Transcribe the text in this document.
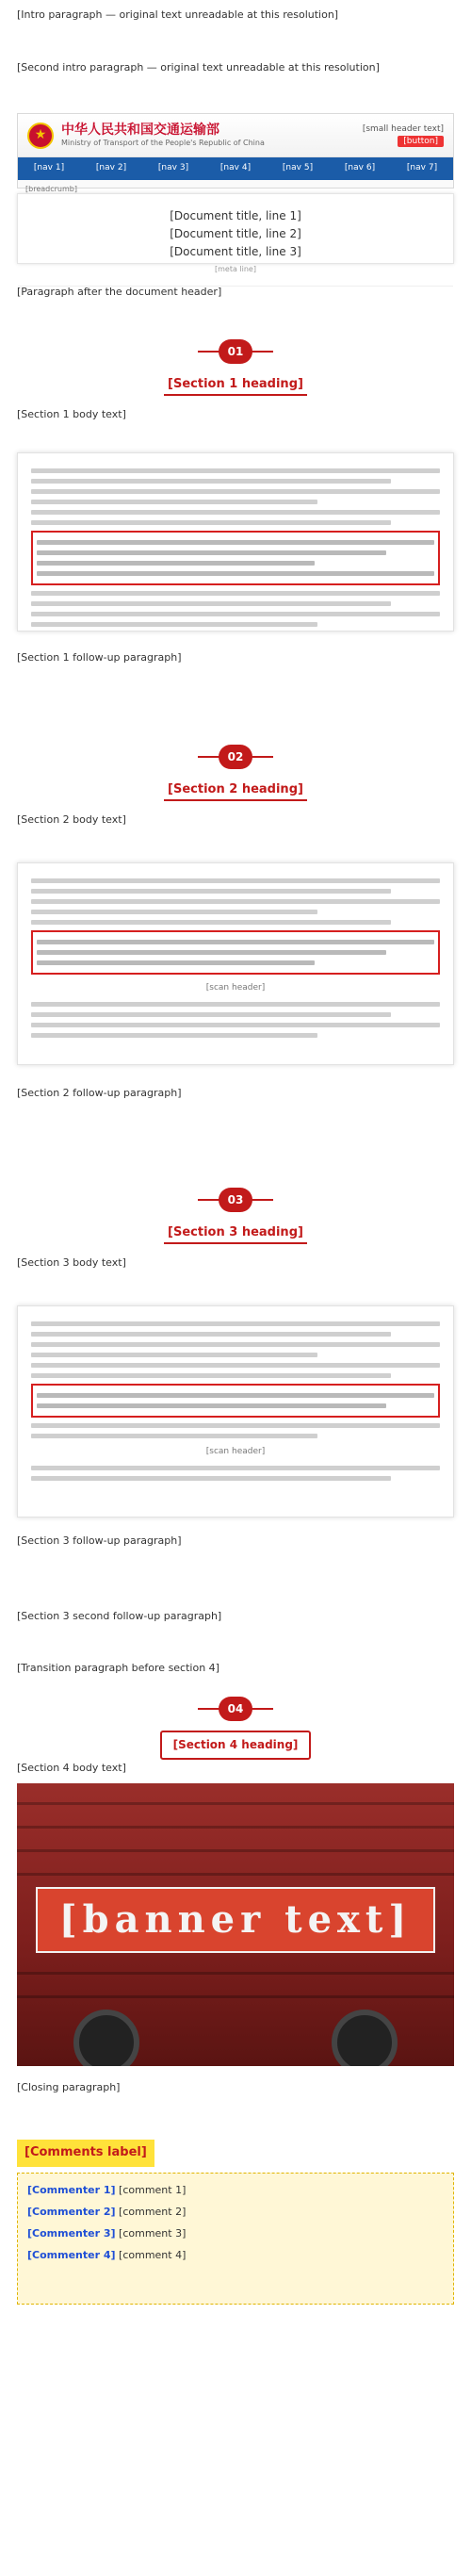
[Intro paragraph — original text unreadable at this resolution]
[Second intro paragraph — original text unreadable at this resolution]
★	中华人民共和国交通运输部
Ministry of Transport of the People's Republic of China
[small header text]
[button]
[nav 1]	[nav 2]	[nav 3]	[nav 4]	[nav 5]	[nav 6]	[nav 7]
[breadcrumb]
[Document title, line 1]
[Document title, line 2]
[Document title, line 3]
[meta line]
[Paragraph after the document header]
01
[Section 1 heading]
[Section 1 body text]
[Section 1 follow-up paragraph]
02
[Section 2 heading]
[Section 2 body text]
[scan header]
[Section 2 follow-up paragraph]
03
[Section 3 heading]
[Section 3 body text]
[scan header]
[Section 3 follow-up paragraph]
[Section 3 second follow-up paragraph]
[Transition paragraph before section 4]
04
[Section 4 heading]
[Section 4 body text]
[banner text]
[Closing paragraph]
[Comments label]
[Commenter 1] [comment 1]
[Commenter 2] [comment 2]
[Commenter 3] [comment 3]
[Commenter 4] [comment 4]
